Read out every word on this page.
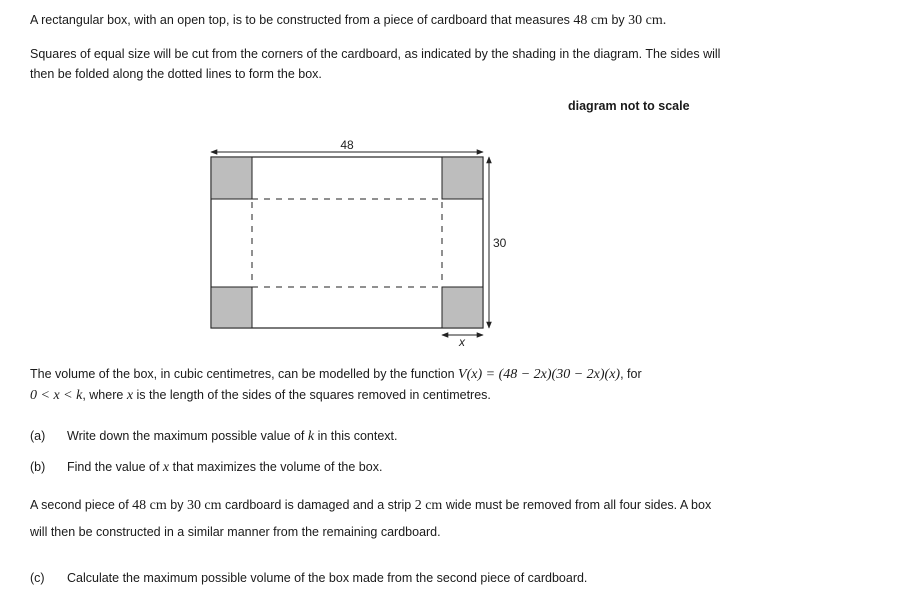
A rectangular box, with an open top, is to be constructed from a piece of cardboard that measures 48 cm by 30 cm.
Squares of equal size will be cut from the corners of the cardboard, as indicated by the shading in the diagram. The sides will
then be folded along the dotted lines to form the box.
diagram not to scale
48
30
x
The volume of the box, in cubic centimetres, can be modelled by the function V(x) = (48 − 2x)(30 − 2x)(x), for
0 < x < k, where x is the length of the sides of the squares removed in centimetres.
(a) Write down the maximum possible value of k in this context.
(b) Find the value of x that maximizes the volume of the box.
A second piece of 48 cm by 30 cm cardboard is damaged and a strip 2 cm wide must be removed from all four sides. A box
will then be constructed in a similar manner from the remaining cardboard.
(c) Calculate the maximum possible volume of the box made from the second piece of cardboard.
